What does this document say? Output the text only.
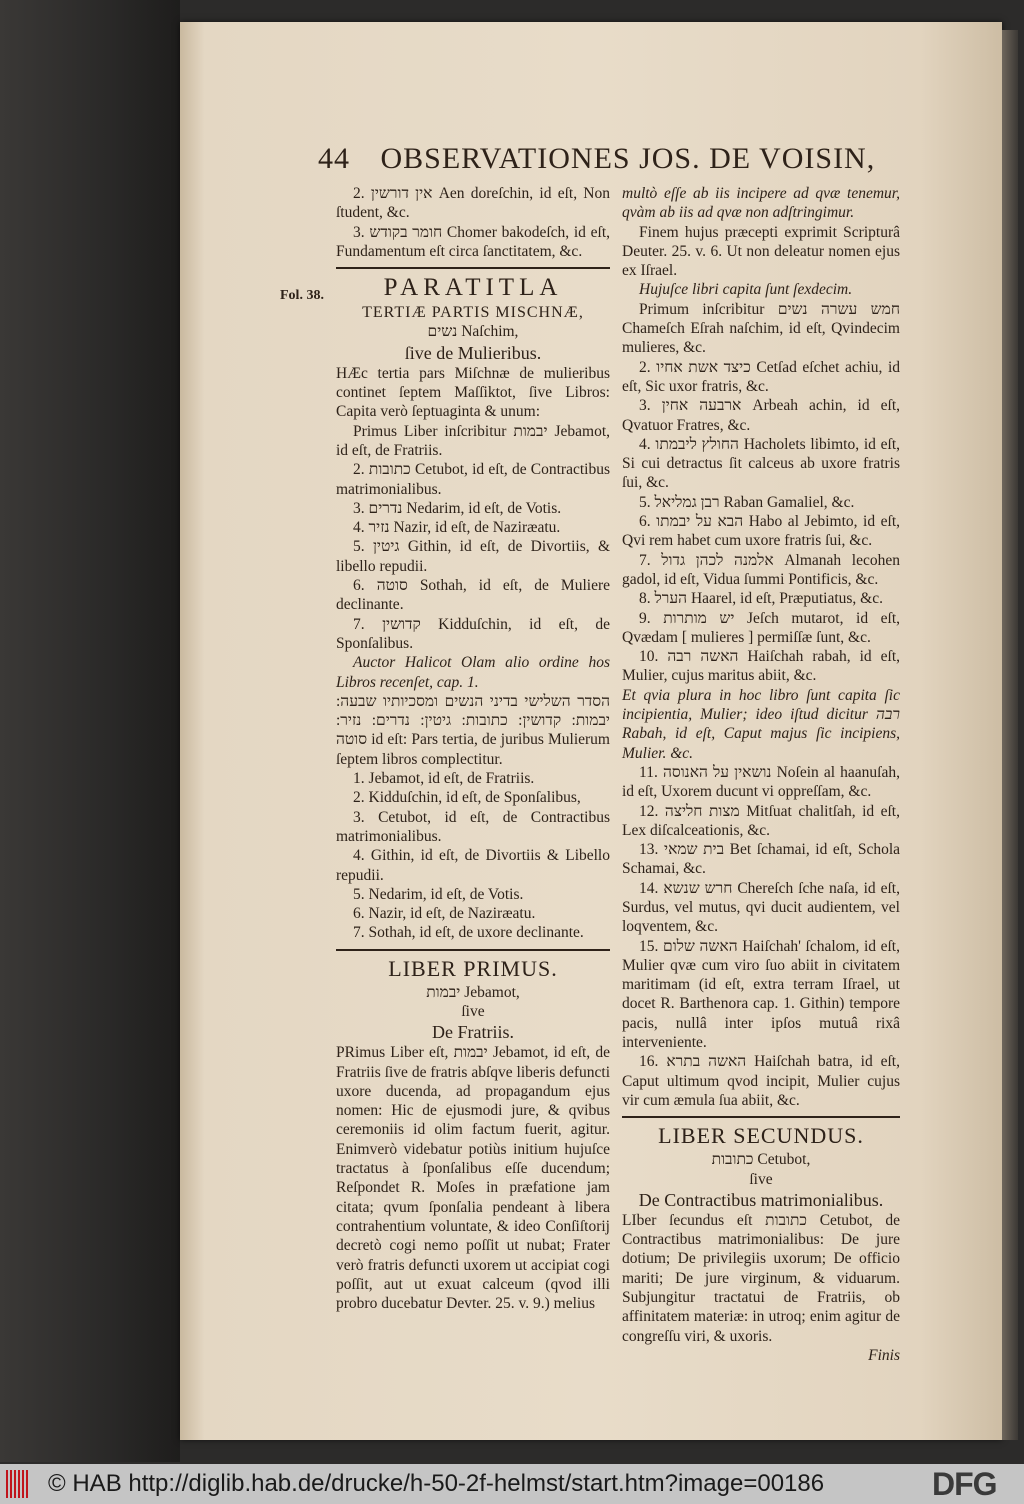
44 OBSERVATIONES JOS. DE VOISIN,
Fol. 38.

2. אין דורשין Aen doreſchin, id eſt, Non ſtudent, &c.

3. חומר בקודש Chomer bakodeſch, id eſt, Fundamentum eſt circa ſanctitatem, &c.

PARATITLA
TERTIÆ PARTIS MISCHNÆ,
נשים Naſchim,
ſive de Mulieribus.

HÆc tertia pars Miſchnæ de mulieribus continet ſeptem Maſſiktot, ſive Libros: Capita verò ſeptuaginta & unum:

Primus Liber inſcribitur יבמות Jebamot, id eſt, de Fratriis.

2. כתובות Cetubot, id eſt, de Contractibus matrimonialibus.

3. נדרים Nedarim, id eſt, de Votis.

4. נזיר Nazir, id eſt, de Naziræatu.

5. גיטין Githin, id eſt, de Divortiis, & libello repudii.

6. סוטה Sothah, id eſt, de Muliere declinante.

7. קדושין Kidduſchin, id eſt, de Sponſalibus.

Auctor Halicot Olam alio ordine hos Libros recenſet, cap. 1.

הסדר השלישי בדיני הנשים ומסכיותיו שבעה: יבמות: קדושין: כתובות: גיטין: נדרים: נזיר: סוטה id eſt: Pars tertia, de juribus Mulierum ſeptem libros complectitur.

1. Jebamot, id eſt, de Fratriis.

2. Kidduſchin, id eſt, de Sponſalibus,

3. Cetubot, id eſt, de Contractibus matrimonialibus.

4. Githin, id eſt, de Divortiis & Libello repudii.

5. Nedarim, id eſt, de Votis.

6. Nazir, id eſt, de Naziræatu.

7. Sothah, id eſt, de uxore declinante.

LIBER PRIMUS.
יבמות Jebamot,
ſive
De Fratriis.

PRimus Liber eſt, יבמות Jebamot, id eſt, de Fratriis ſive de fratris abſqve liberis defuncti uxore ducenda, ad propagandum ejus nomen: Hic de ejusmodi jure, & qvibus ceremoniis id olim factum fuerit, agitur. Enimverò videbatur potiùs initium hujuſce tractatus à ſponſalibus eſſe ducendum; Reſpondet R. Moſes in præfatione jam citata; qvum ſponſalia pendeant à libera contrahentium voluntate, & ideo Conſiſtorij decretò cogi nemo poſſit ut nubat; Frater verò fratris defuncti uxorem ut accipiat cogi poſſit, aut ut exuat calceum (qvod illi probro ducebatur Devter. 25. v. 9.) melius

multò eſſe ab iis incipere ad qvæ tenemur, qvàm ab iis ad qvæ non adſtringimur.

Finem hujus præcepti exprimit Scripturâ Deuter. 25. v. 6. Ut non deleatur nomen ejus ex Iſrael.

Hujuſce libri capita ſunt ſexdecim.

Primum inſcribitur חמש עשרה נשים Chameſch Eſrah naſchim, id eſt, Qvindecim mulieres, &c.

2. כיצד אשת אחיו Cetſad eſchet achiu, id eſt, Sic uxor fratris, &c.

3. ארבעה אחין Arbeah achin, id eſt, Qvatuor Fratres, &c.

4. החולץ ליבמתו Hacholets libimto, id eſt, Si cui detractus ſit calceus ab uxore fratris ſui, &c.

5. רבן גמליאל Raban Gamaliel, &c.

6. הבא על יבמתו Habo al Jebimto, id eſt, Qvi rem habet cum uxore fratris ſui, &c.

7. אלמנה לכהן גדול Almanah lecohen gadol, id eſt, Vidua ſummi Pontificis, &c.

8. הערל Haarel, id eſt, Præputiatus, &c.

9. יש מותרות Jeſch mutarot, id eſt, Qvædam [ mulieres ] permiſſæ ſunt, &c.

10. האשה רבה Haiſchah rabah, id eſt, Mulier, cujus maritus abiit, &c.

Et qvia plura in hoc libro ſunt capita ſic incipientia, Mulier; ideo iſtud dicitur רבה Rabah, id eſt, Caput majus ſic incipiens, Mulier. &c.

11. נושאין על האנוסה Noſein al haanuſah, id eſt, Uxorem ducunt vi oppreſſam, &c.

12. מצות חליצה Mitſuat chalitſah, id eſt, Lex diſcalceationis, &c.

13. בית שמאי Bet ſchamai, id eſt, Schola Schamai, &c.

14. חרש שנשא Chereſch ſche naſa, id eſt, Surdus, vel mutus, qvi ducit audientem, vel loqventem, &c.

15. האשה שלום Haiſchah' ſchalom, id eſt, Mulier qvæ cum viro ſuo abiit in civitatem maritimam (id eſt, extra terram Iſrael, ut docet R. Barthenora cap. 1. Githin) tempore pacis, nullâ inter ipſos mutuâ rixâ interveniente.

16. האשה בתרא Haiſchah batra, id eſt, Caput ultimum qvod incipit, Mulier cujus vir cum æmula ſua abiit, &c.

LIBER SECUNDUS.
כתובות Cetubot,
ſive
De Contractibus matrimonialibus.

LIber ſecundus eſt כתובות Cetubot, de Contractibus matrimonialibus: De jure dotium; De privilegiis uxorum; De officio mariti; De jure virginum, & viduarum. Subjungitur tractatui de Fratriis, ob affinitatem materiæ: in utroq; enim agitur de congreſſu viri, & uxoris.

Finis
© HAB http://diglib.hab.de/drucke/h-50-2f-helmst/start.htm?image=00186	DFG
